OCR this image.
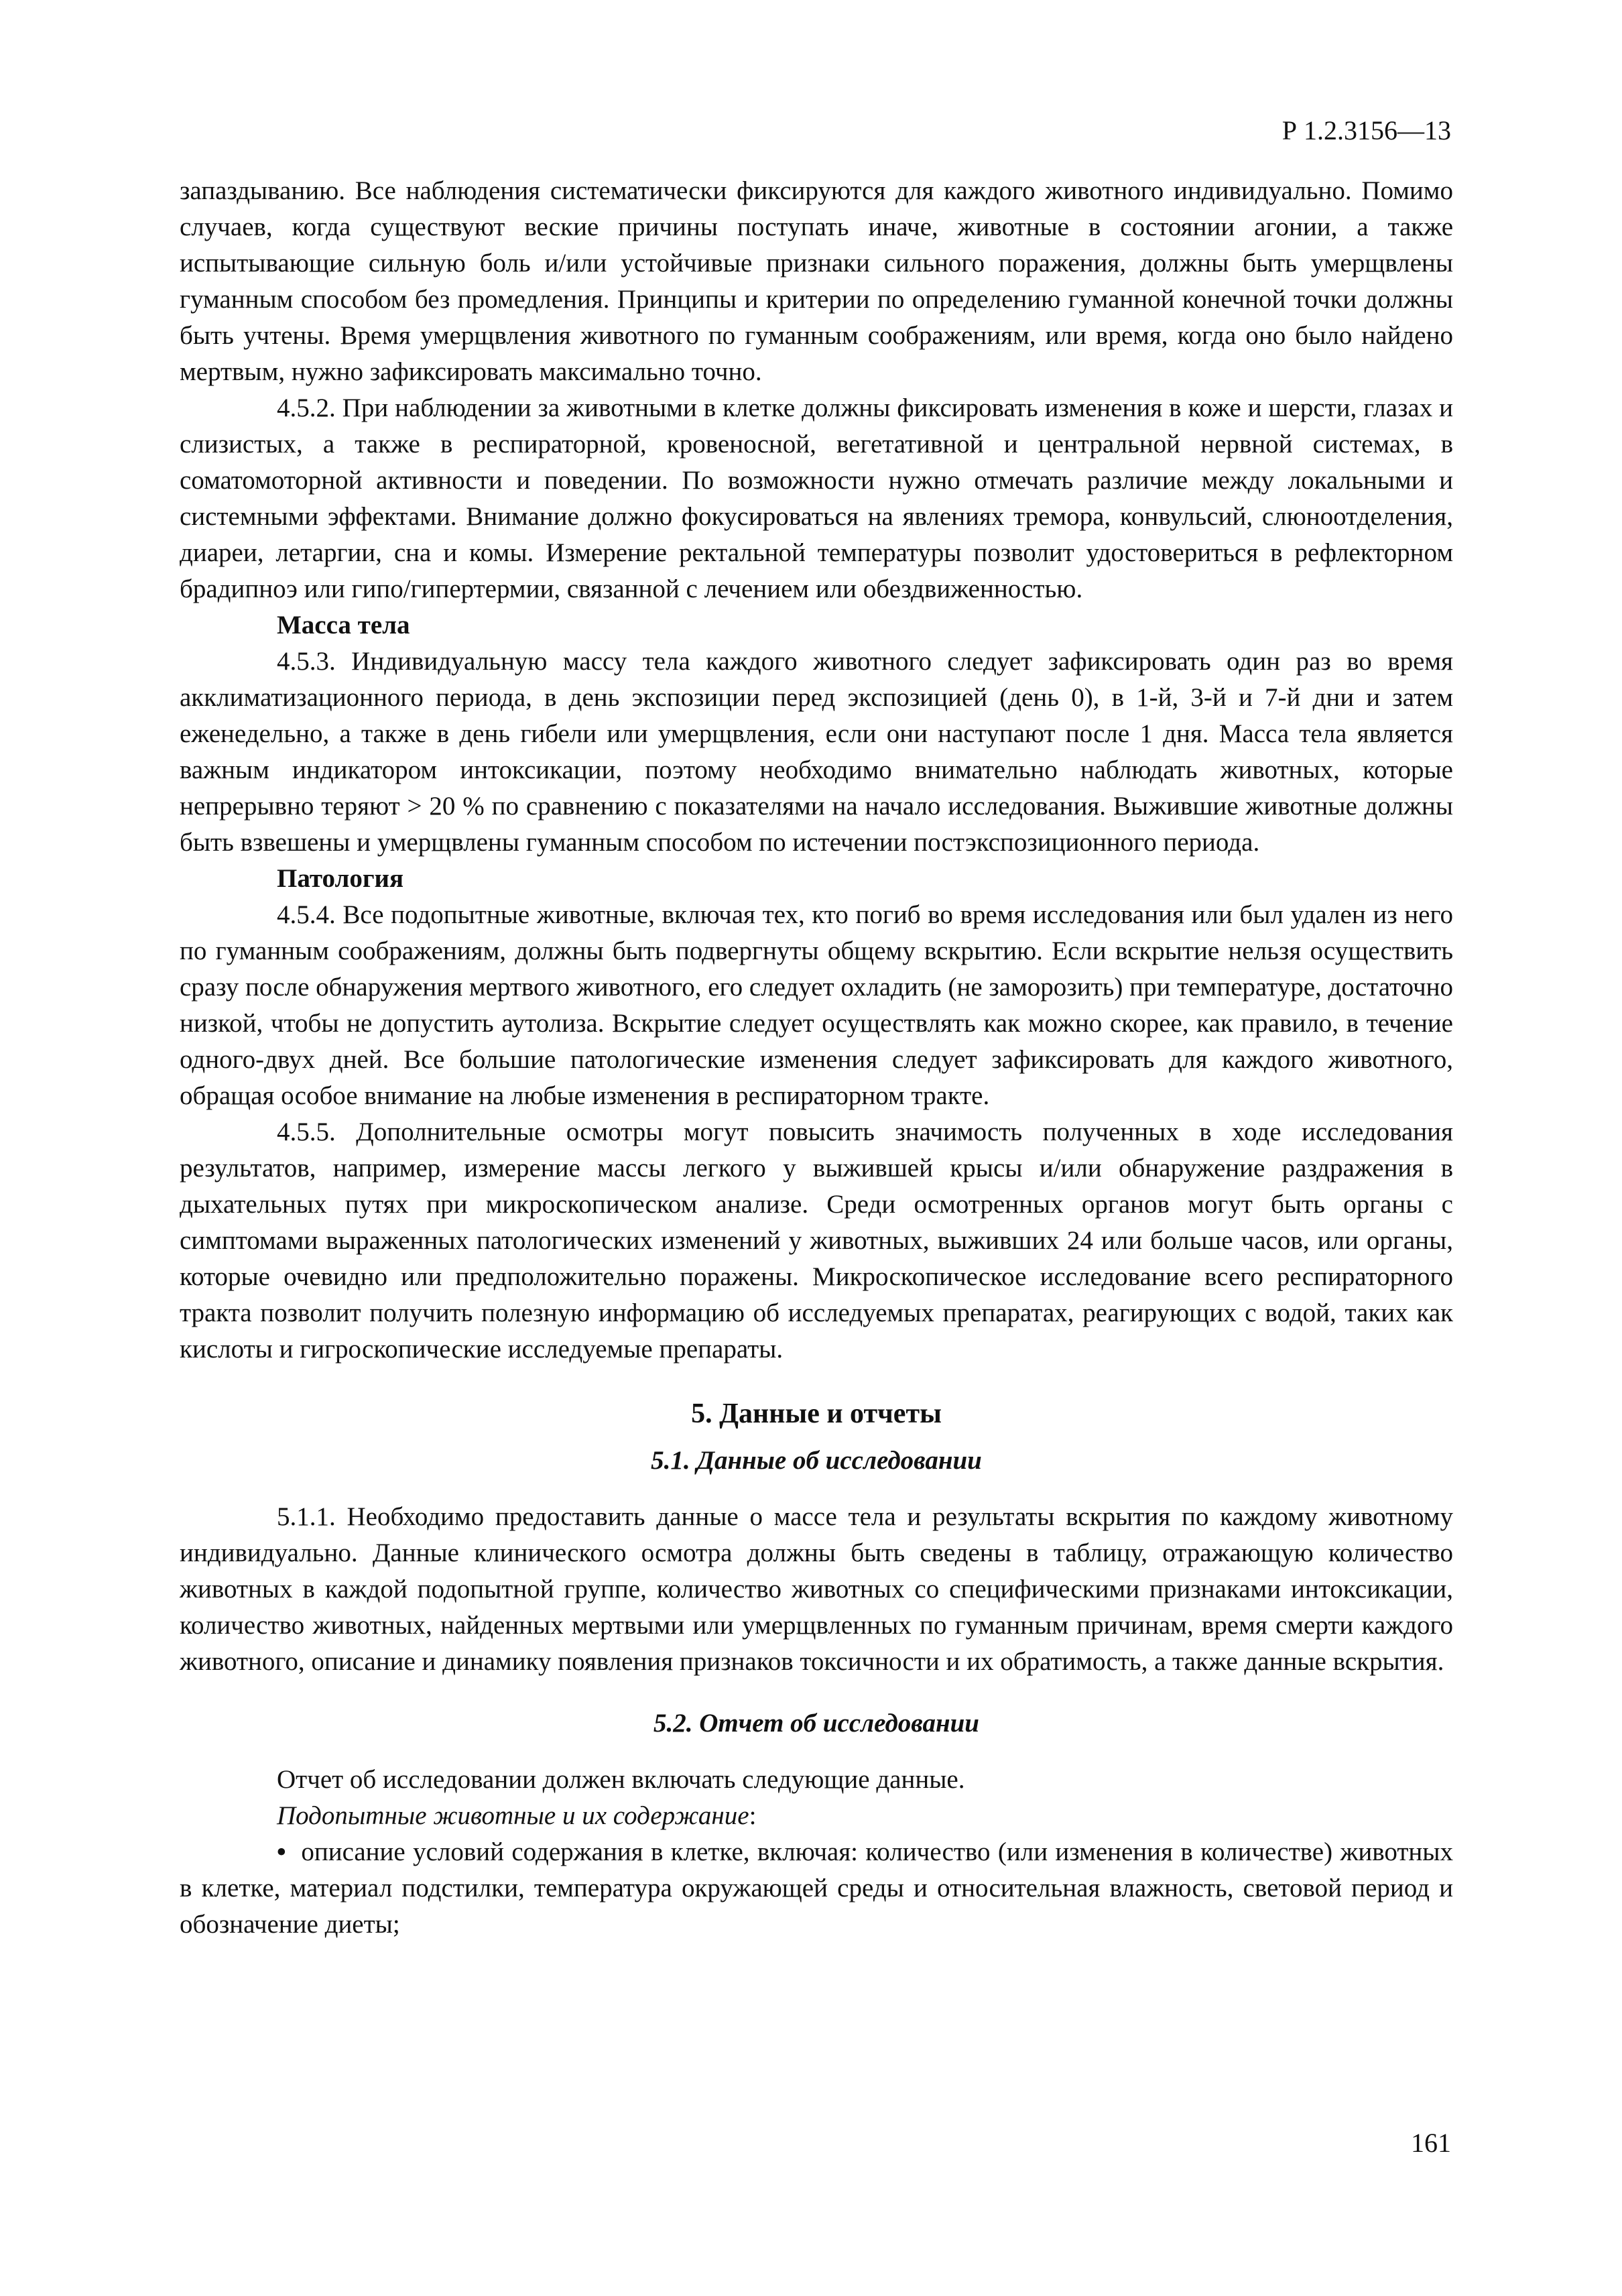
Р 1.2.3156—13

запаздыванию. Все наблюдения систематически фиксируются для каждого животного индивидуально. Помимо случаев, когда существуют веские причины поступать иначе, животные в состоянии агонии, а также испытывающие сильную боль и/или устойчивые признаки сильного поражения, должны быть умерщвлены гуманным способом без промедления. Принципы и критерии по определению гуманной конечной точки должны быть учтены. Время умерщвления животного по гуманным соображениям, или время, когда оно было найдено мертвым, нужно зафиксировать максимально точно.

4.5.2. При наблюдении за животными в клетке должны фиксировать изменения в коже и шерсти, глазах и слизистых, а также в респираторной, кровеносной, вегетативной и центральной нервной системах, в соматомоторной активности и поведении. По возможности нужно отмечать различие между локальными и системными эффектами. Внимание должно фокусироваться на явлениях тремора, конвульсий, слюноотделения, диареи, летаргии, сна и комы. Измерение ректальной температуры позволит удостовериться в рефлекторном брадипноэ или гипо/гипертермии, связанной с лечением или обездвиженностью.

Масса тела

4.5.3. Индивидуальную массу тела каждого животного следует зафиксировать один раз во время акклиматизационного периода, в день экспозиции перед экспозицией (день 0), в 1-й, 3-й и 7-й дни и затем еженедельно, а также в день гибели или умерщвления, если они наступают после 1 дня. Масса тела является важным индикатором интоксикации, поэтому необходимо внимательно наблюдать животных, которые непрерывно теряют > 20 % по сравнению с показателями на начало исследования. Выжившие животные должны быть взвешены и умерщвлены гуманным способом по истечении постэкспозиционного периода.

Патология

4.5.4. Все подопытные животные, включая тех, кто погиб во время исследования или был удален из него по гуманным соображениям, должны быть подвергнуты общему вскрытию. Если вскрытие нельзя осуществить сразу после обнаружения мертвого животного, его следует охладить (не заморозить) при температуре, достаточно низкой, чтобы не допустить аутолиза. Вскрытие следует осуществлять как можно скорее, как правило, в течение одного-двух дней. Все большие патологические изменения следует зафиксировать для каждого животного, обращая особое внимание на любые изменения в респираторном тракте.

4.5.5. Дополнительные осмотры могут повысить значимость полученных в ходе исследования результатов, например, измерение массы легкого у выжившей крысы и/или обнаружение раздражения в дыхательных путях при микроскопическом анализе. Среди осмотренных органов могут быть органы с симптомами выраженных патологических изменений у животных, выживших 24 или больше часов, или органы, которые очевидно или предположительно поражены. Микроскопическое исследование всего респираторного тракта позволит получить полезную информацию об исследуемых препаратах, реагирующих с водой, таких как кислоты и гигроскопические исследуемые препараты.

5. Данные и отчеты
5.1. Данные об исследовании

5.1.1. Необходимо предоставить данные о массе тела и результаты вскрытия по каждому животному индивидуально. Данные клинического осмотра должны быть сведены в таблицу, отражающую количество животных в каждой подопытной группе, количество животных со специфическими признаками интоксикации, количество животных, найденных мертвыми или умерщвленных по гуманным причинам, время смерти каждого животного, описание и динамику появления признаков токсичности и их обратимость, а также данные вскрытия.

5.2. Отчет об исследовании
Отчет об исследовании должен включать следующие данные.
Подопытные животные и их содержание:

• описание условий содержания в клетке, включая: количество (или изменения в количестве) животных в клетке, материал подстилки, температура окружающей среды и относительная влажность, световой период и обозначение диеты;

161
